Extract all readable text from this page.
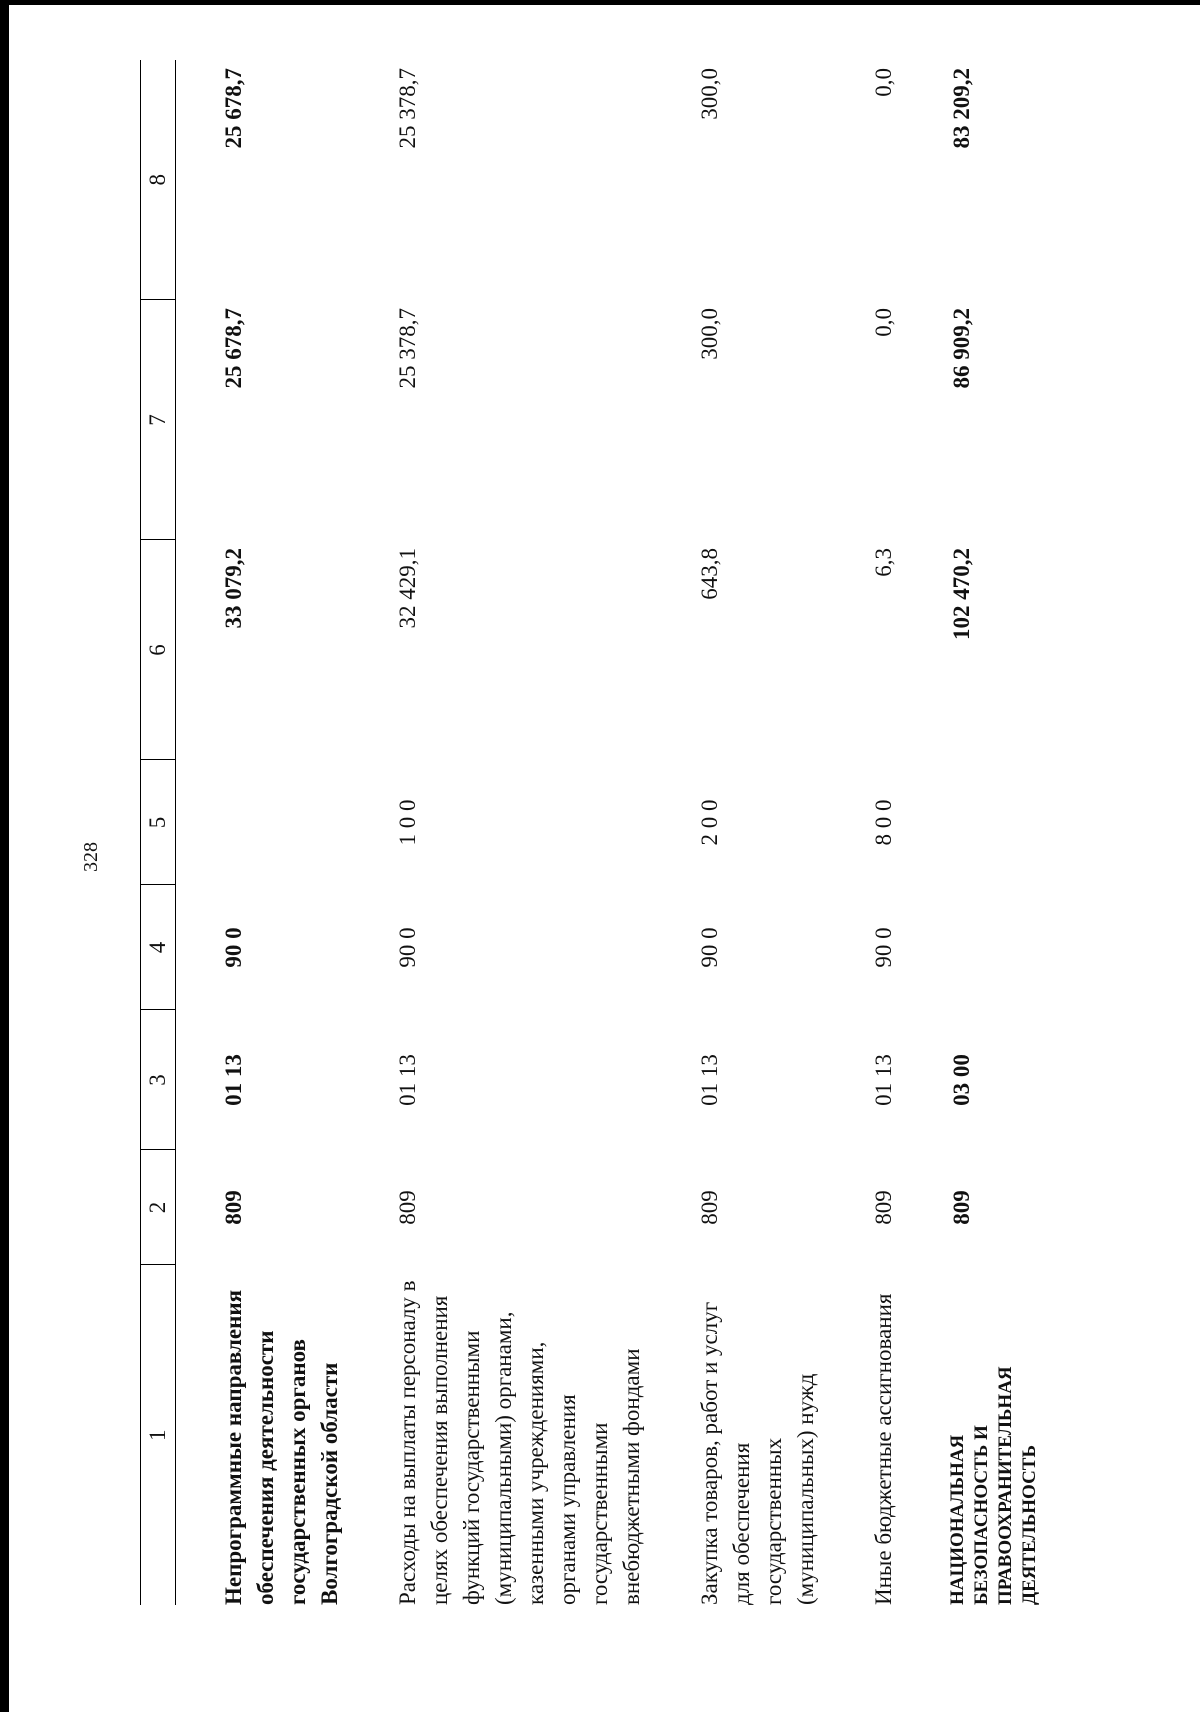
328
1	2	3	4	5	6	7	8
Непрограммные направления обеспечения деятельности государственных органов Волгоградской области	809	01 13	90 0		33 079,2	25 678,7	25 678,7
Расходы на выплаты персоналу в целях обеспечения выполнения функций государственными (муниципальными) органами, казенными учреждениями, органами управления государственными внебюджетными фондами	809	01 13	90 0	1 0 0	32 429,1	25 378,7	25 378,7
Закупка товаров, работ и услуг для обеспечения государственных (муниципальных) нужд	809	01 13	90 0	2 0 0	643,8	300,0	300,0
Иные бюджетные ассигнования	809	01 13	90 0	8 0 0	6,3	0,0	0,0
НАЦИОНАЛЬНАЯ БЕЗОПАСНОСТЬ И ПРАВООХРАНИТЕЛЬНАЯ ДЕЯТЕЛЬНОСТЬ	809	03 00			102 470,2	86 909,2	83 209,2
